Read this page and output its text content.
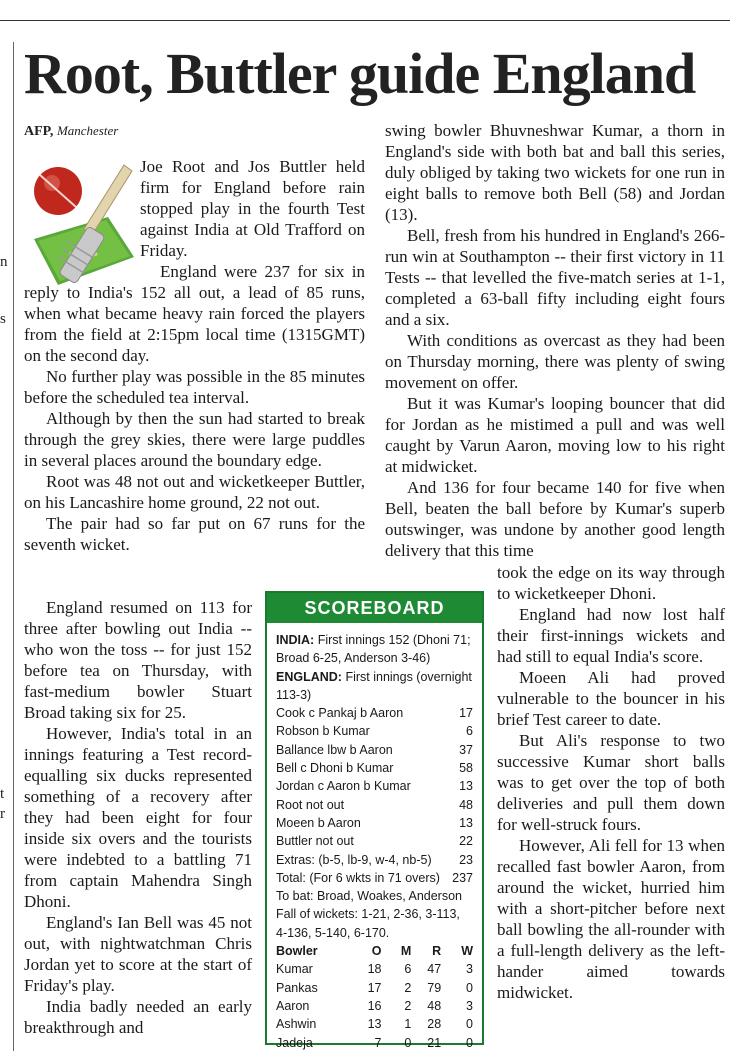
n
s
t
r
Root, Buttler guide England
AFP, Manchester

Joe Root and Jos Buttler held firm for England before rain stopped play in the fourth Test against India at Old Trafford on Friday.

England were 237 for six in reply to India's 152 all out, a lead of 85 runs, when what became heavy rain forced the players from the field at 2:15pm local time (1315GMT) on the second day.

No further play was possible in the 85 minutes before the scheduled tea interval.

Although by then the sun had started to break through the grey skies, there were large puddles in several places around the boundary edge.

Root was 48 not out and wicketkeeper Buttler, on his Lancashire home ground, 22 not out.

The pair had so far put on 67 runs for the seventh wicket.

England resumed on 113 for three after bowling out India -- who won the toss -- for just 152 before tea on Thursday, with fast-medium bowler Stuart Broad taking six for 25.

However, India's total in an innings featuring a Test record-equalling six ducks represented something of a recovery after they had been eight for four inside six overs and the tourists were indebted to a battling 71 from captain Mahendra Singh Dhoni.

England's Ian Bell was 45 not out, with nightwatchman Chris Jordan yet to score at the start of Friday's play.

India badly needed an early breakthrough and

swing bowler Bhuvneshwar Kumar, a thorn in England's side with both bat and ball this series, duly obliged by taking two wickets for one run in eight balls to remove both Bell (58) and Jordan (13).

Bell, fresh from his hundred in England's 266-run win at Southampton -- their first victory in 11 Tests -- that levelled the five-match series at 1-1, completed a 63-ball fifty including eight fours and a six.

With conditions as overcast as they had been on Thursday morning, there was plenty of swing movement on offer.

But it was Kumar's looping bouncer that did for Jordan as he mistimed a pull and was well caught by Varun Aaron, moving low to his right at midwicket.

And 136 for four became 140 for five when Bell, beaten the ball before by Kumar's superb outswinger, was undone by another good length delivery that this time

took the edge on its way through to wicketkeeper Dhoni.

England had now lost half their first-innings wickets and had still to equal India's score.

Moeen Ali had proved vulnerable to the bouncer in his brief Test career to date.

But Ali's response to two successive Kumar short balls was to get over the top of both deliveries and pull them down for well-struck fours.

However, Ali fell for 13 when recalled fast bowler Aaron, from around the wicket, hurried him with a short-pitcher before next ball bowling the all-rounder with a full-length delivery as the left-hander aimed towards midwicket.

SCOREBOARD

INDIA: First innings 152 (Dhoni 71; Broad 6-25, Anderson 3-46)

ENGLAND: First innings (overnight 113-3)

Cook c Pankaj b Aaron	17
Robson b Kumar	6
Ballance lbw b Aaron	37
Bell c Dhoni b Kumar	58
Jordan c Aaron b Kumar	13
Root not out	48
Moeen b Aaron	13
Buttler not out	22
Extras: (b-5, lb-9, w-4, nb-5) 23
Total: (For 6 wkts in 71 overs) 237

To bat: Broad, Woakes, Anderson

Fall of wickets: 1-21, 2-36, 3-113, 4-136, 5-140, 6-170.

Bowler	O	M	R	W
Kumar	18	6	47	3
Pankas	17	2	79	0
Aaron	16	2	48	3
Ashwin	13	1	28	0
Jadeja	7	0	21	0
